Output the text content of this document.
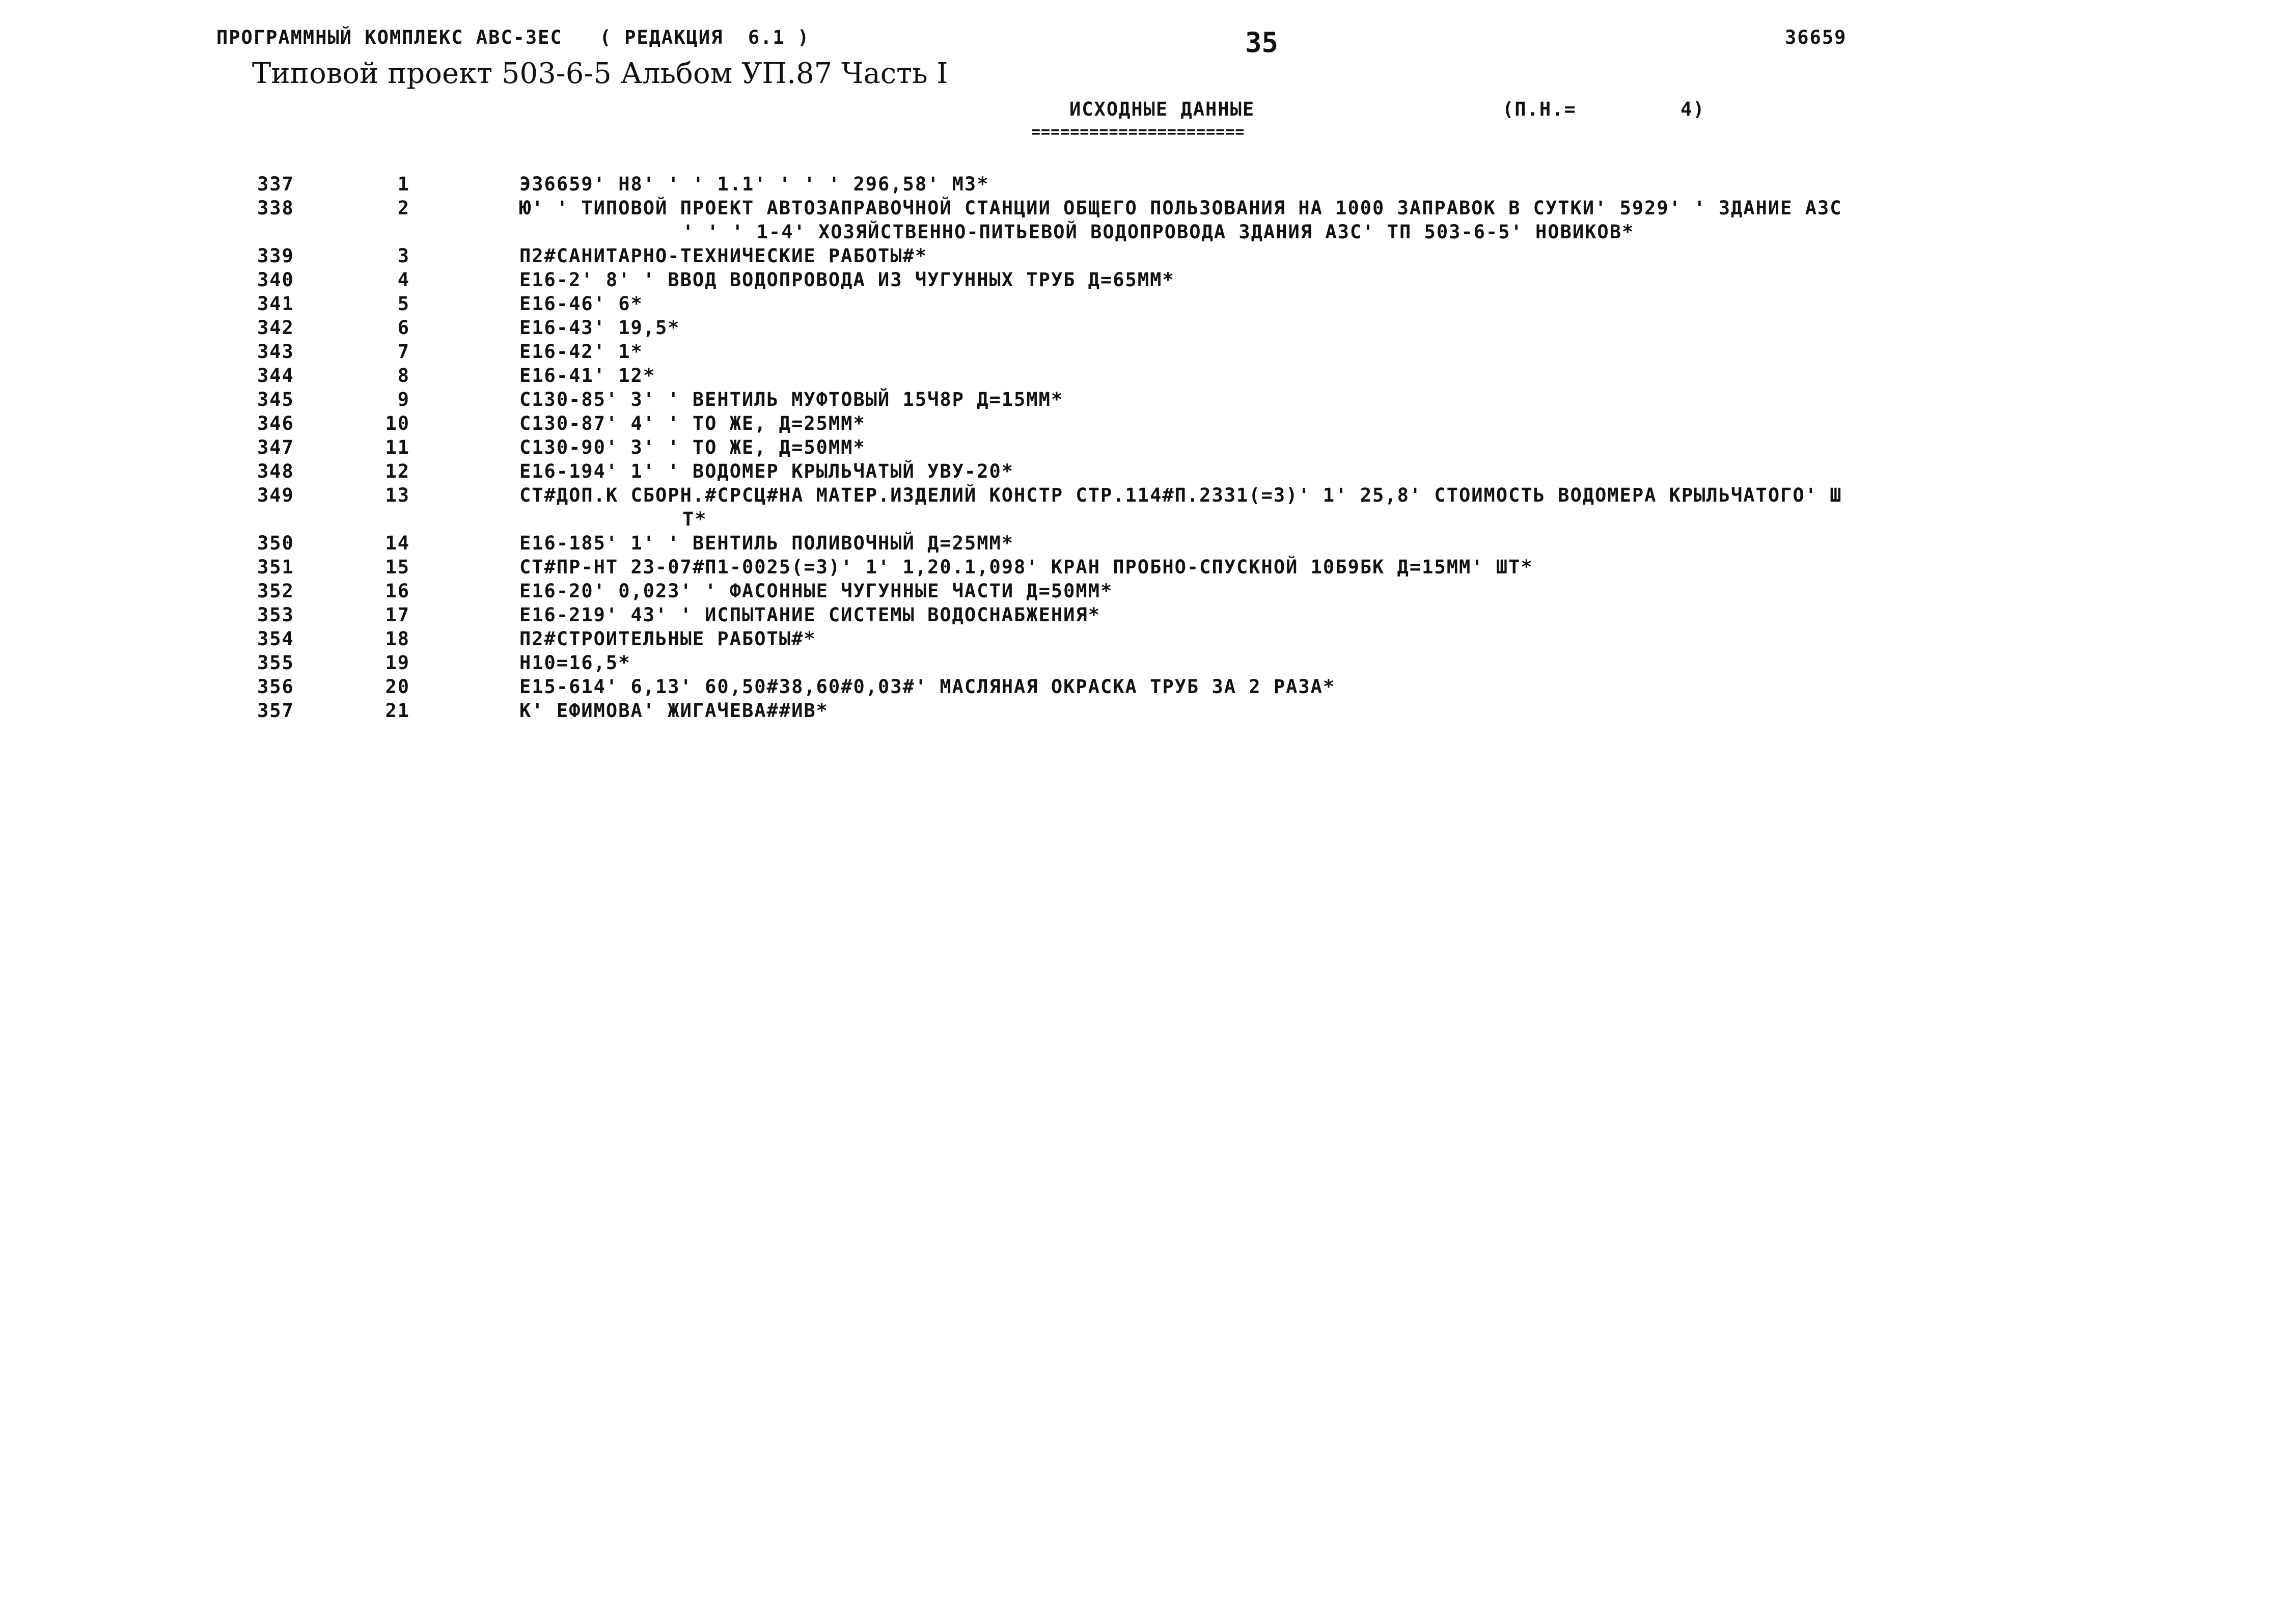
ПРОГРАММНЫЙ КОМПЛЕКС АВС-3ЕС   ( РЕДАКЦИЯ  6.1 )	35	36659
Типовой проект 503-6-5 Альбом УП.87 Часть I
ИСХОДНЫЕ ДАННЫЕ
======================
(П.Н.=	4)
337	1	Э36659' Н8' ' ' 1.1' ' ' ' 296,58' М3*
338	2	Ю' ' ТИПОВОЙ ПРОЕКТ АВТОЗАПРАВОЧНОЙ СТАНЦИИ ОБЩЕГО ПОЛЬЗОВАНИЯ НА 1000 ЗАПРАВОК В СУТКИ' 5929' ' ЗДАНИЕ АЗС
' ' ' 1-4' ХОЗЯЙСТВЕННО-ПИТЬЕВОЙ ВОДОПРОВОДА ЗДАНИЯ АЗС' ТП 503-6-5' НОВИКОВ*
339	3	П2#САНИТАРНО-ТЕХНИЧЕСКИЕ РАБОТЫ#*
340	4	Е16-2' 8' ' ВВОД ВОДОПРОВОДА ИЗ ЧУГУННЫХ ТРУБ Д=65ММ*
341	5	Е16-46' 6*
342	6	Е16-43' 19,5*
343	7	Е16-42' 1*
344	8	Е16-41' 12*
345	9	С130-85' 3' ' ВЕНТИЛЬ МУФТОВЫЙ 15Ч8Р Д=15ММ*
346	10	С130-87' 4' ' ТО ЖЕ, Д=25ММ*
347	11	С130-90' 3' ' ТО ЖЕ, Д=50ММ*
348	12	Е16-194' 1' ' ВОДОМЕР КРЫЛЬЧАТЫЙ УВУ-20*
349	13	СТ#ДОП.К СБОРН.#СРСЦ#НА МАТЕР.ИЗДЕЛИЙ КОНСТР СТР.114#П.2331(=3)' 1' 25,8' СТОИМОСТЬ ВОДОМЕРА КРЫЛЬЧАТОГО' Ш
Т*
350	14	Е16-185' 1' ' ВЕНТИЛЬ ПОЛИВОЧНЫЙ Д=25ММ*
351	15	СТ#ПР-НТ 23-07#П1-0025(=3)' 1' 1,20.1,098' КРАН ПРОБНО-СПУСКНОЙ 10Б9БК Д=15ММ' ШТ*
352	16	Е16-20' 0,023' ' ФАСОННЫЕ ЧУГУННЫЕ ЧАСТИ Д=50ММ*
353	17	Е16-219' 43' ' ИСПЫТАНИЕ СИСТЕМЫ ВОДОСНАБЖЕНИЯ*
354	18	П2#СТРОИТЕЛЬНЫЕ РАБОТЫ#*
355	19	Н10=16,5*
356	20	Е15-614' 6,13' 60,50#38,60#0,03#' МАСЛЯНАЯ ОКРАСКА ТРУБ ЗА 2 РАЗА*
357	21	К' ЕФИМОВА' ЖИГАЧЕВА##ИВ*
